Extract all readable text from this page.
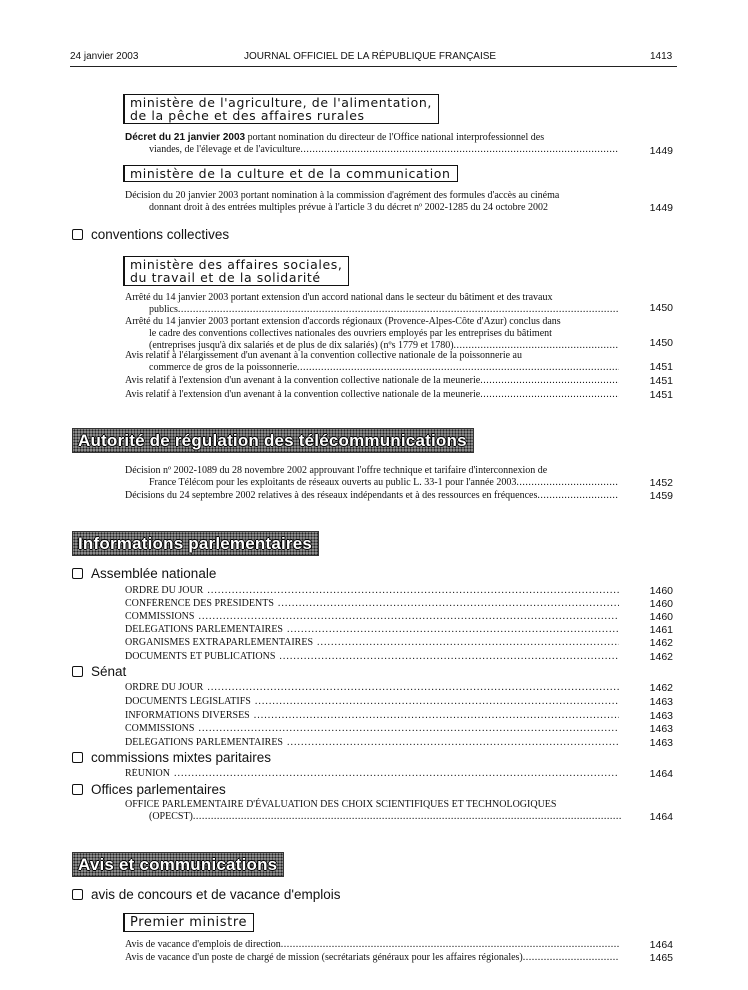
24 janvier 2003	JOURNAL OFFICIEL DE LA RÉPUBLIQUE FRANÇAISE	1413
ministère de l'agriculture, de l'alimentation,
de la pêche et des affaires rurales
Décret du 21 janvier 2003 portant nomination du directeur de l'Office national interprofessionnel des
viandes, de l'élevage et de l'aviculture .....	1449
ministère de la culture et de la communication
Décision du 20 janvier 2003 portant nomination à la commission d'agrément des formules d'accès au cinéma
donnant droit à des entrées multiples prévue à l'article 3 du décret nº 2002-1285 du 24 octobre 2002	1449
conventions collectives
ministère des affaires sociales,
du travail et de la solidarité
Arrêté du 14 janvier 2003 portant extension d'un accord national dans le secteur du bâtiment et des travaux
publics .....	1450
Arrêté du 14 janvier 2003 portant extension d'accords régionaux (Provence-Alpes-Côte d'Azur) conclus dans
le cadre des conventions collectives nationales des ouvriers employés par les entreprises du bâtiment
(entreprises jusqu'à dix salariés et de plus de dix salariés) (nºs 1779 et 1780) .....	1450
Avis relatif à l'élargissement d'un avenant à la convention collective nationale de la poissonnerie au
commerce de gros de la poissonnerie .....	1451
Avis relatif à l'extension d'un avenant à la convention collective nationale de la meunerie .....	1451
Avis relatif à l'extension d'un avenant à la convention collective nationale de la meunerie .....	1451
Autorité de régulation des télécommunications
Décision nº 2002-1089 du 28 novembre 2002 approuvant l'offre technique et tarifaire d'interconnexion de
France Télécom pour les exploitants de réseaux ouverts au public L. 33-1 pour l'année 2003 .....	1452
Décisions du 24 septembre 2002 relatives à des réseaux indépendants et à des ressources en fréquences .....	1459
Informations parlementaires
Assemblée nationale
ORDRE DU JOUR .....	1460
CONFÉRENCE DES PRÉSIDENTS .....	1460
COMMISSIONS .....	1460
DÉLÉGATIONS PARLEMENTAIRES .....	1461
ORGANISMES EXTRAPARLEMENTAIRES .....	1462
DOCUMENTS ET PUBLICATIONS .....	1462
Sénat
ORDRE DU JOUR .....	1462
DOCUMENTS LÉGISLATIFS .....	1463
INFORMATIONS DIVERSES .....	1463
COMMISSIONS .....	1463
DÉLÉGATIONS PARLEMENTAIRES .....	1463
commissions mixtes paritaires
RÉUNION .....	1464
Offices parlementaires
OFFICE PARLEMENTAIRE D'ÉVALUATION DES CHOIX SCIENTIFIQUES ET TECHNOLOGIQUES
(OPECST) .....	1464
Avis et communications
avis de concours et de vacance d'emplois
Premier ministre
Avis de vacance d'emplois de direction .....	1464
Avis de vacance d'un poste de chargé de mission (secrétariats généraux pour les affaires régionales) .....	1465
